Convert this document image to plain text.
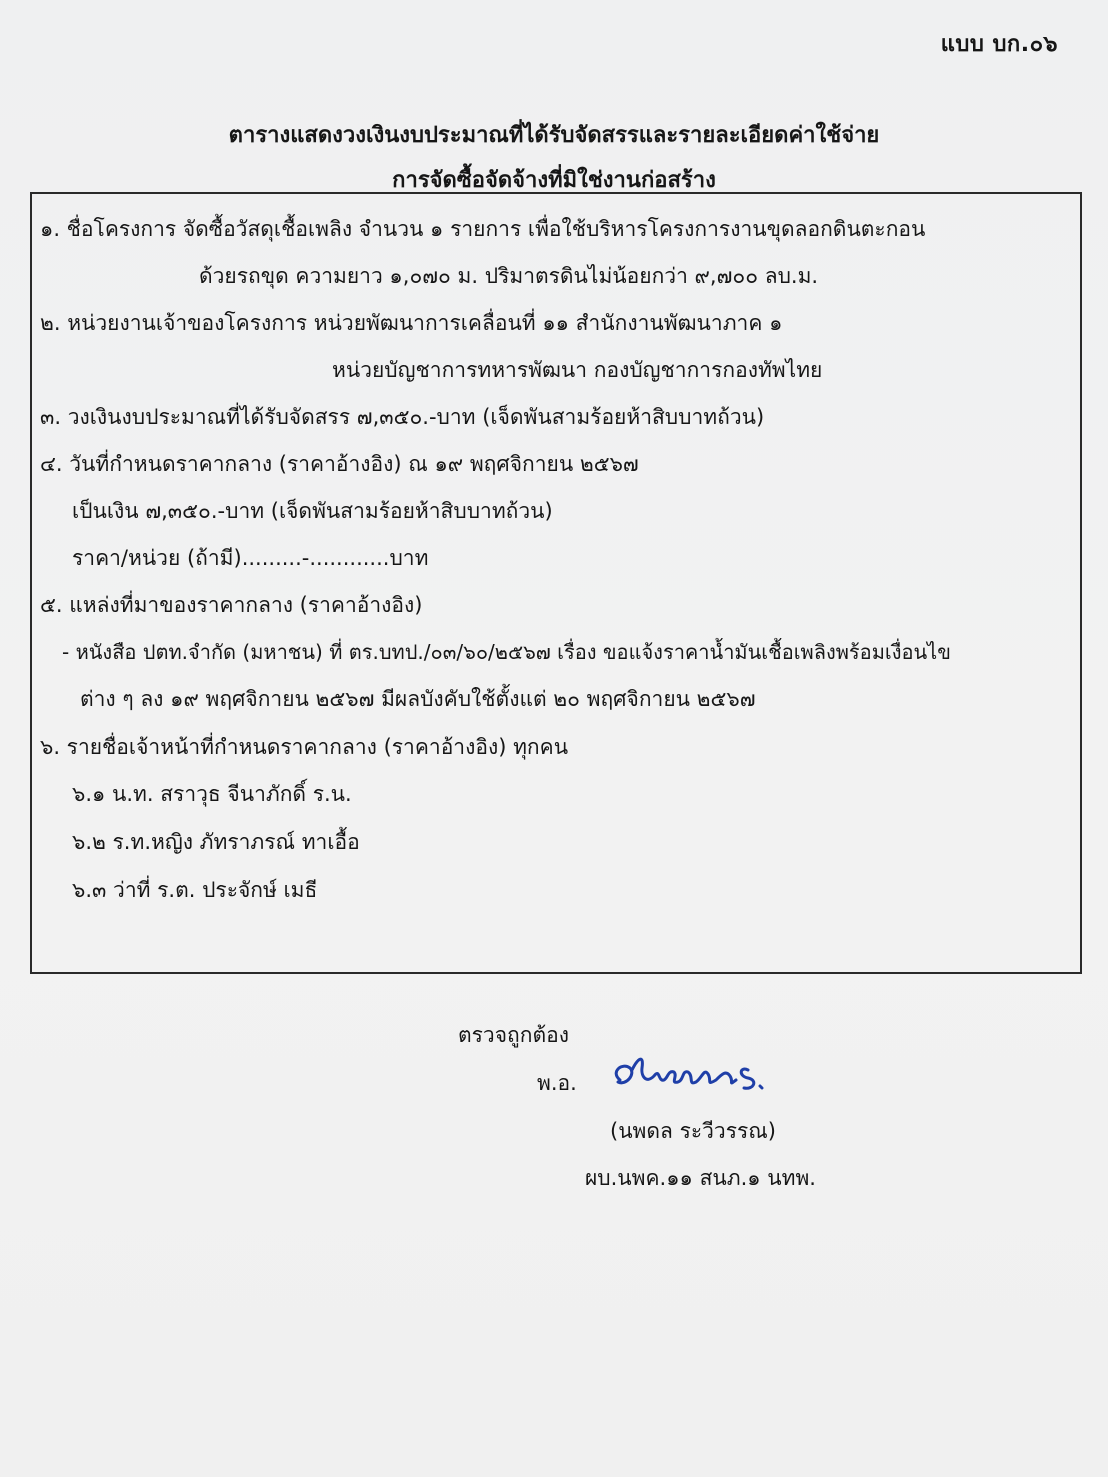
แบบ บก.๐๖
ตารางแสดงวงเงินงบประมาณที่ได้รับจัดสรรและรายละเอียดค่าใช้จ่าย
การจัดซื้อจัดจ้างที่มิใช่งานก่อสร้าง
๑. ชื่อโครงการ จัดซื้อวัสดุเชื้อเพลิง จำนวน ๑ รายการ เพื่อใช้บริหารโครงการงานขุดลอกดินตะกอน
ด้วยรถขุด ความยาว ๑,๐๗๐ ม. ปริมาตรดินไม่น้อยกว่า ๙,๗๐๐ ลบ.ม.
๒. หน่วยงานเจ้าของโครงการ หน่วยพัฒนาการเคลื่อนที่ ๑๑ สำนักงานพัฒนาภาค ๑
หน่วยบัญชาการทหารพัฒนา กองบัญชาการกองทัพไทย
๓. วงเงินงบประมาณที่ได้รับจัดสรร ๗,๓๕๐.-บาท (เจ็ดพันสามร้อยห้าสิบบาทถ้วน)
๔. วันที่กำหนดราคากลาง (ราคาอ้างอิง) ณ ๑๙ พฤศจิกายน ๒๕๖๗
เป็นเงิน ๗,๓๕๐.-บาท (เจ็ดพันสามร้อยห้าสิบบาทถ้วน)
ราคา/หน่วย (ถ้ามี).........-............บาท
๕. แหล่งที่มาของราคากลาง (ราคาอ้างอิง)
- หนังสือ ปตท.จำกัด (มหาชน) ที่ ตร.บทป./๐๓/๖๐/๒๕๖๗ เรื่อง ขอแจ้งราคาน้ำมันเชื้อเพลิงพร้อมเงื่อนไข
ต่าง ๆ ลง ๑๙ พฤศจิกายน ๒๕๖๗ มีผลบังคับใช้ตั้งแต่ ๒๐ พฤศจิกายน ๒๕๖๗
๖. รายชื่อเจ้าหน้าที่กำหนดราคากลาง (ราคาอ้างอิง) ทุกคน
๖.๑ น.ท. สราวุธ จีนาภักดิ์ ร.น.
๖.๒ ร.ท.หญิง ภัทราภรณ์ ทาเอื้อ
๖.๓ ว่าที่ ร.ต. ประจักษ์ เมธี
ตรวจถูกต้อง
พ.อ.
(นพดล ระวีวรรณ)
ผบ.นพค.๑๑ สนภ.๑ นทพ.
